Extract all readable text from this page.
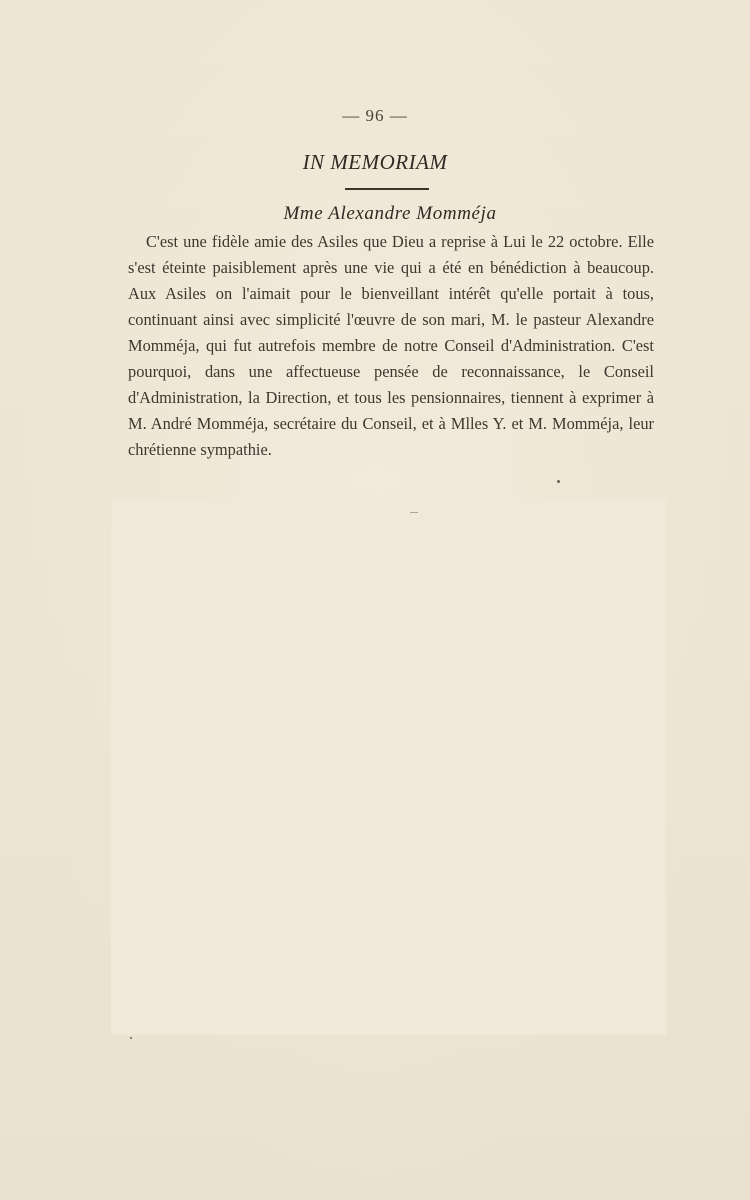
— 96 —
IN MEMORIAM
Mme Alexandre Momméja

C'est une fidèle amie des Asiles que Dieu a reprise à Lui le 22 octobre. Elle s'est éteinte paisiblement après une vie qui a été en bénédiction à beaucoup. Aux Asiles on l'aimait pour le bienveillant intérêt qu'elle portait à tous, continuant ainsi avec simplicité l'œuvre de son mari, M. le pasteur Alexandre Momméja, qui fut autrefois membre de notre Conseil d'Administration. C'est pourquoi, dans une affectueuse pensée de reconnaissance, le Conseil d'Administration, la Direction, et tous les pensionnaires, tiennent à exprimer à M. André Momméja, secrétaire du Conseil, et à Mlles Y. et M. Momméja, leur chrétienne sympathie.
